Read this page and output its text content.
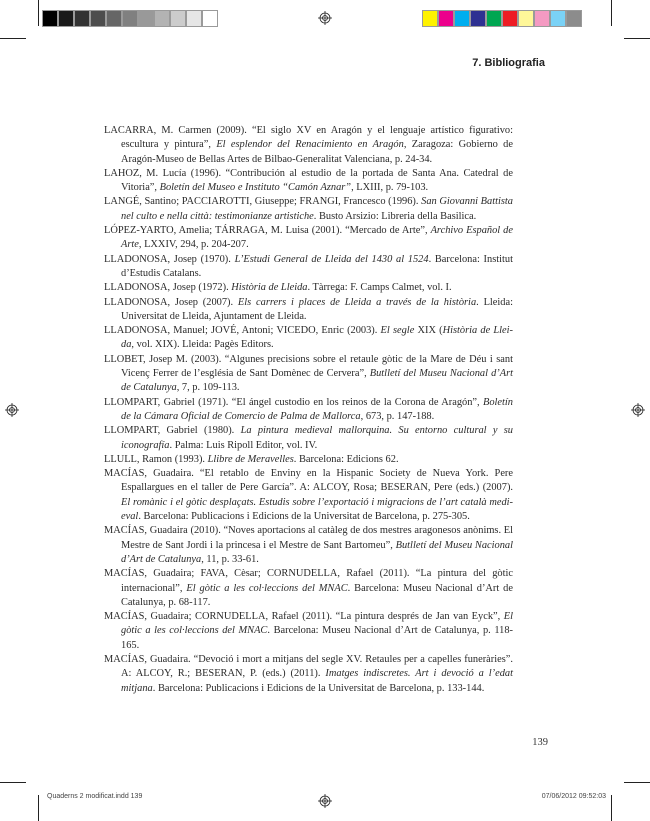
7. Bibliografia

LACARRA, M. Carmen (2009). “El siglo XV en Aragón y el lenguaje artístico figurativo: escultura y pintura”, El esplendor del Renacimiento en Aragón, Zaragoza: Gobierno de Aragón-Museo de Bellas Artes de Bilbao-Generalitat Valenciana, p. 24-34.

LAHOZ, M. Lucía (1996). “Contribución al estudio de la portada de Santa Ana. Catedral de Vitoria”, Boletín del Museo e Instituto “Camón Aznar”, LXIII, p. 79-103.

LANGÉ, Santino; PACCIAROTTI, Giuseppe; FRANGI, Francesco (1996). San Giovanni Battista nel culto e nella città: testimonianze artistiche. Busto Arsizio: Libreria della Basilica.

LÓPEZ-YARTO, Amelia; TÁRRAGA, M. Luisa (2001). “Mercado de Arte”, Archivo Español de Arte, LXXIV, 294, p. 204-207.

LLADONOSA, Josep (1970). L’Estudi General de Lleida del 1430 al 1524. Barcelona: Institut d’Estudis Catalans.

LLADONOSA, Josep (1972). Història de Lleida. Tàrrega: F. Camps Calmet, vol. I.

LLADONOSA, Josep (2007). Els carrers i places de Lleida a través de la història. Lleida: Universitat de Lleida, Ajuntament de Lleida.

LLADONOSA, Manuel; JOVÉ, Antoni; VICEDO, Enric (2003). El segle XIX (Història de Lleida, vol. XIX). Lleida: Pagès Editors.

LLOBET, Josep M. (2003). “Algunes precisions sobre el retaule gòtic de la Mare de Déu i sant Vicenç Ferrer de l’església de Sant Domènec de Cervera”, Butlletí del Museu Nacional d’Art de Catalunya, 7, p. 109-113.

LLOMPART, Gabriel (1971). “El ángel custodio en los reinos de la Corona de Aragón”, Boletín de la Cámara Oficial de Comercio de Palma de Mallorca, 673, p. 147-188.

LLOMPART, Gabriel (1980). La pintura medieval mallorquina. Su entorno cultural y su iconografía. Palma: Luis Ripoll Editor, vol. IV.

LLULL, Ramon (1993). Llibre de Meravelles. Barcelona: Edicions 62.

MACÍAS, Guadaira. “El retablo de Enviny en la Hispanic Society de Nueva York. Pere Espallargues en el taller de Pere García”. A: ALCOY, Rosa; BESERAN, Pere (eds.) (2007). El romànic i el gòtic desplaçats. Estudis sobre l’exportació i migracions de l’art català medieval. Barcelona: Publicacions i Edicions de la Universitat de Barcelona, p. 275-305.

MACÍAS, Guadaira (2010). “Noves aportacions al catàleg de dos mestres aragonesos anònims. El Mestre de Sant Jordi i la princesa i el Mestre de Sant Bartomeu”, Butlletí del Museu Nacional d’Art de Catalunya, 11, p. 33-61.

MACÍAS, Guadaira; FAVA, Cèsar; CORNUDELLA, Rafael (2011). “La pintura del gòtic internacional”, El gòtic a les col·leccions del MNAC. Barcelona: Museu Nacional d’Art de Catalunya, p. 68-117.

MACÍAS, Guadaira; CORNUDELLA, Rafael (2011). “La pintura després de Jan van Eyck”, El gòtic a les col·leccions del MNAC. Barcelona: Museu Nacional d’Art de Catalunya, p. 118-165.

MACÍAS, Guadaira. “Devoció i mort a mitjans del segle XV. Retaules per a capelles funeràries”. A: ALCOY, R.; BESERAN, P. (eds.) (2011). Imatges indiscretes. Art i devoció a l’edat mitjana. Barcelona: Publicacions i Edicions de la Universitat de Barcelona, p. 133-144.

139
Quaderns 2 modificat.indd 139	07/06/2012 09:52:03
